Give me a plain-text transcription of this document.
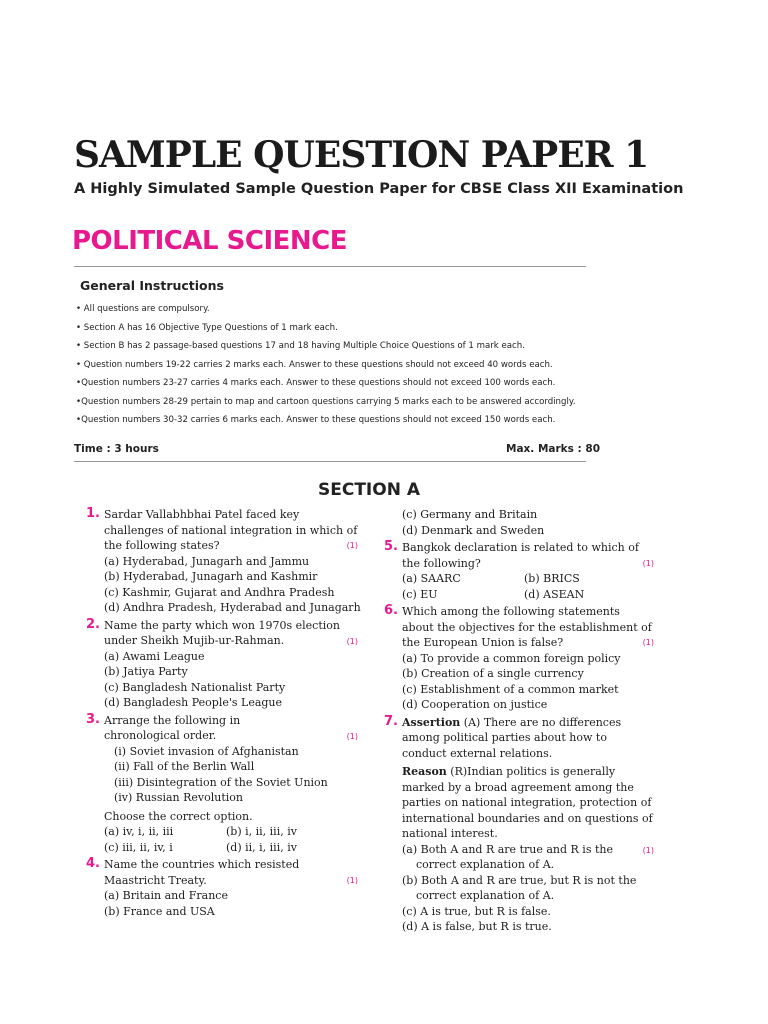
SAMPLE QUESTION PAPER 1
A Highly Simulated Sample Question Paper for CBSE Class XII Examination
POLITICAL SCIENCE
General Instructions
• All questions are compulsory.
• Section A has 16 Objective Type Questions of 1 mark each.
• Section B has 2 passage-based questions 17 and 18 having Multiple Choice Questions of 1 mark each.
• Question numbers 19-22 carries 2 marks each. Answer to these questions should not exceed 40 words each.
•Question numbers 23-27 carries 4 marks each. Answer to these questions should not exceed 100 words each.
•Question numbers 28-29 pertain to map and cartoon questions carrying 5 marks each to be answered accordingly.
•Question numbers 30-32 carries 6 marks each. Answer to these questions should not exceed 150 words each.
Time : 3 hours	Max. Marks : 80
SECTION A
1. Sardar Vallabhbhai Patel faced key challenges of national integration in which of the following states?	(1)
(a) Hyderabad, Junagarh and Jammu
(b) Hyderabad, Junagarh and Kashmir
(c) Kashmir, Gujarat and Andhra Pradesh
(d) Andhra Pradesh, Hyderabad and Junagarh
2. Name the party which won 1970s election under Sheikh Mujib-ur-Rahman.	(1)
(a) Awami League
(b) Jatiya Party
(c) Bangladesh Nationalist Party
(d) Bangladesh People's League
3. Arrange the following in chronological order.	(1)
(i) Soviet invasion of Afghanistan
(ii) Fall of the Berlin Wall
(iii) Disintegration of the Soviet Union
(iv) Russian Revolution
Choose the correct option.
(a) iv, i, ii, iii	(b) i, ii, iii, iv
(c) iii, ii, iv, i	(d) ii, i, iii, iv
4. Name the countries which resisted Maastricht Treaty.	(1)
(a) Britain and France
(b) France and USA
(c) Germany and Britain
(d) Denmark and Sweden
5. Bangkok declaration is related to which of the following?	(1)
(a) SAARC	(b) BRICS
(c) EU	(d) ASEAN
6. Which among the following statements about the objectives for the establishment of the European Union is false?	(1)
(a) To provide a common foreign policy
(b) Creation of a single currency
(c) Establishment of a common market
(d) Cooperation on justice
7. Assertion (A) There are no differences among political parties about how to conduct external relations.
Reason (R)Indian politics is generally marked by a broad agreement among the parties on national integration, protection of international boundaries and on questions of national interest.
(1)
(a) Both A and R are true and R is the correct explanation of A.
(b) Both A and R are true, but R is not the correct explanation of A.
(c) A is true, but R is false.
(d) A is false, but R is true.
